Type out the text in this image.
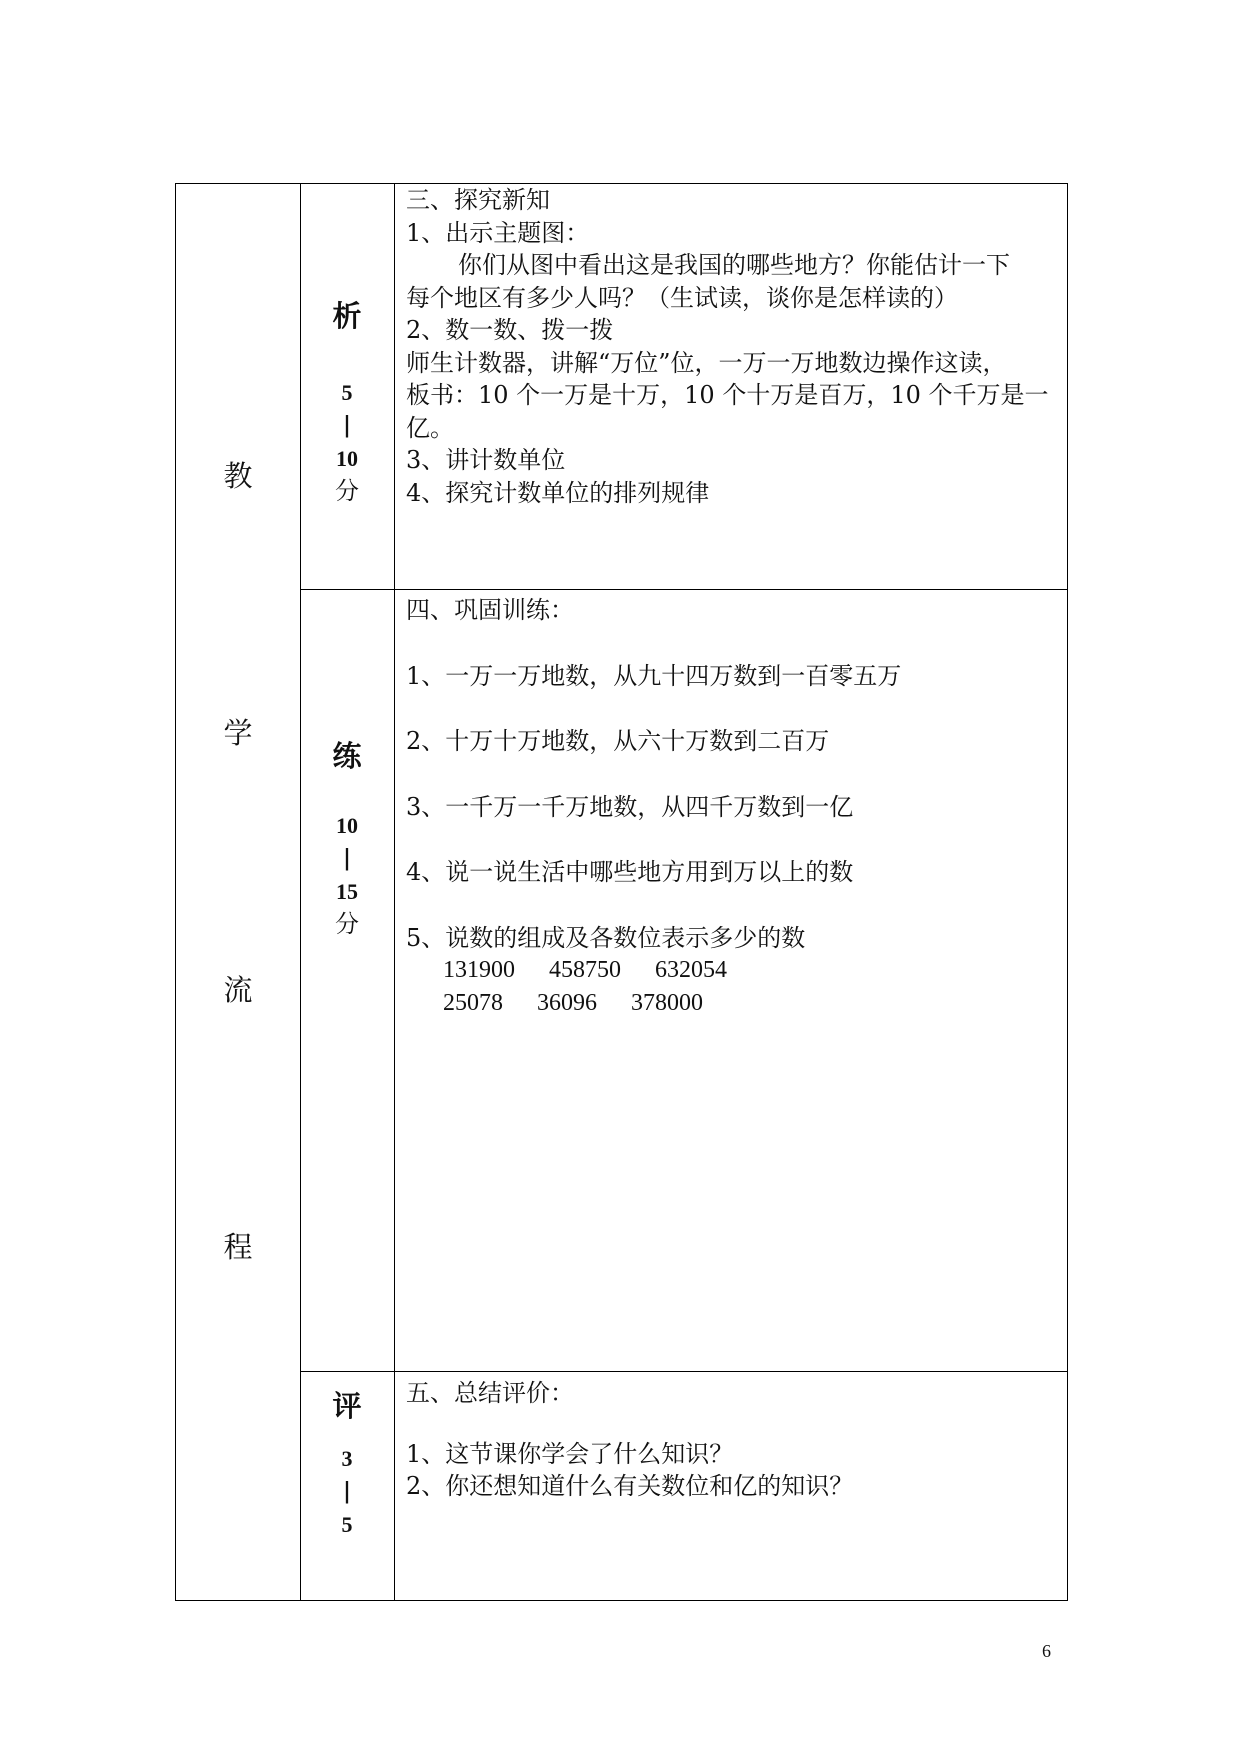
教
学
流
程
析
5
|
10
分
三、探究新知
1、出示主题图：
你们从图中看出这是我国的哪些地方？你能估计一下
每个地区有多少人吗？（生试读，谈你是怎样读的）
2、数一数、拨一拨
师生计数器，讲解“万位”位，一万一万地数边操作这读，
板书：10 个一万是十万，10 个十万是百万，10 个千万是一
亿。
3、讲计数单位
4、探究计数单位的排列规律
练
10
|
15
分
四、巩固训练：
1、一万一万地数，从九十四万数到一百零五万
2、十万十万地数，从六十万数到二百万
3、一千万一千万地数，从四千万数到一亿
4、说一说生活中哪些地方用到万以上的数
5、说数的组成及各数位表示多少的数
131900 458750 632054
25078 36096 378000
评
3
|
5
五、总结评价：
1、这节课你学会了什么知识？
2、你还想知道什么有关数位和亿的知识？
6
